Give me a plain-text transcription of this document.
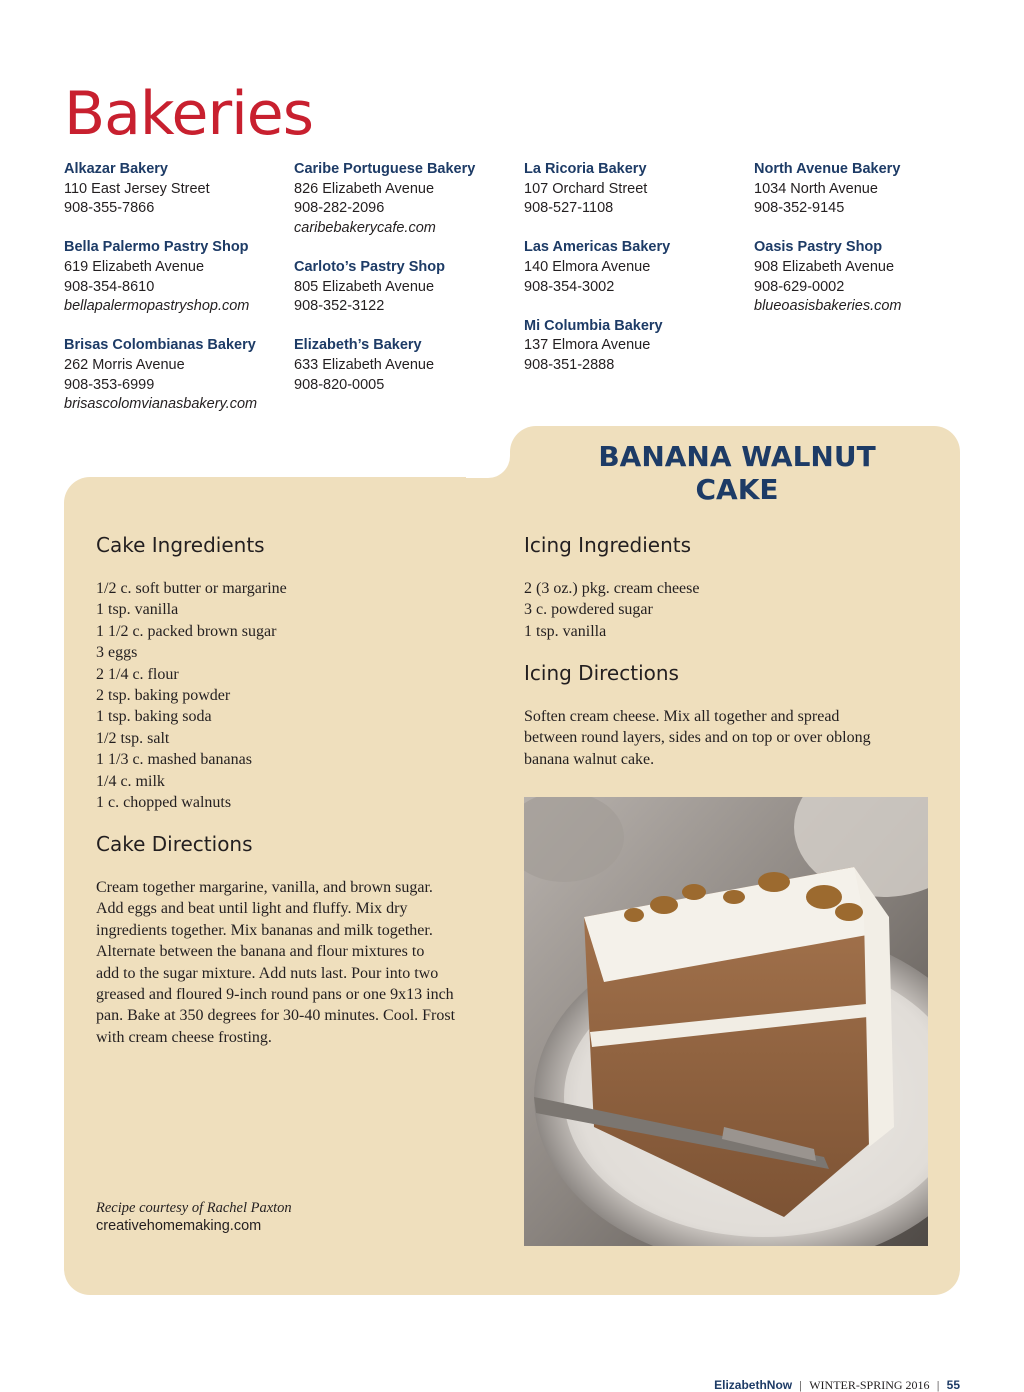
Bakeries
Alkazar Bakery
110 East Jersey Street
908-355-7866
Bella Palermo Pastry Shop
619 Elizabeth Avenue
908-354-8610
bellapalermopastryshop.com
Brisas Colombianas Bakery
262 Morris Avenue
908-353-6999
brisascolomvianasbakery.com
Caribe Portuguese Bakery
826 Elizabeth Avenue
908-282-2096
caribebakerycafe.com
Carloto’s Pastry Shop
805 Elizabeth Avenue
908-352-3122
Elizabeth’s Bakery
633 Elizabeth Avenue
908-820-0005
La Ricoria Bakery
107 Orchard Street
908-527-1108
Las Americas Bakery
140 Elmora Avenue
908-354-3002
Mi Columbia Bakery
137 Elmora Avenue
908-351-2888
North Avenue Bakery
1034 North Avenue
908-352-9145
Oasis Pastry Shop
908 Elizabeth Avenue
908-629-0002
blueoasisbakeries.com
BANANA WALNUT
CAKE
Cake Ingredients
1/2 c. soft butter or margarine
1 tsp. vanilla
1 1/2 c. packed brown sugar
3 eggs
2 1/4 c. flour
2 tsp. baking powder
1 tsp. baking soda
1/2 tsp. salt
1 1/3 c. mashed bananas
1/4 c. milk
1 c. chopped walnuts
Cake Directions
Cream together margarine, vanilla, and brown sugar.
Add eggs and beat until light and fluffy. Mix dry
ingredients together. Mix bananas and milk together.
Alternate between the banana and flour mixtures to
add to the sugar mixture. Add nuts last. Pour into two
greased and floured 9-inch round pans or one 9x13 inch
pan. Bake at 350 degrees for 30-40 minutes. Cool. Frost
with cream cheese frosting.
Icing Ingredients
2 (3 oz.) pkg. cream cheese
3 c. powdered sugar
1 tsp. vanilla
Icing Directions
Soften cream cheese. Mix all together and spread
between round layers, sides and on top or over oblong
banana walnut cake.
Recipe courtesy of Rachel Paxton
creativehomemaking.com
ElizabethNow | WINTER-SPRING 2016 | 55
